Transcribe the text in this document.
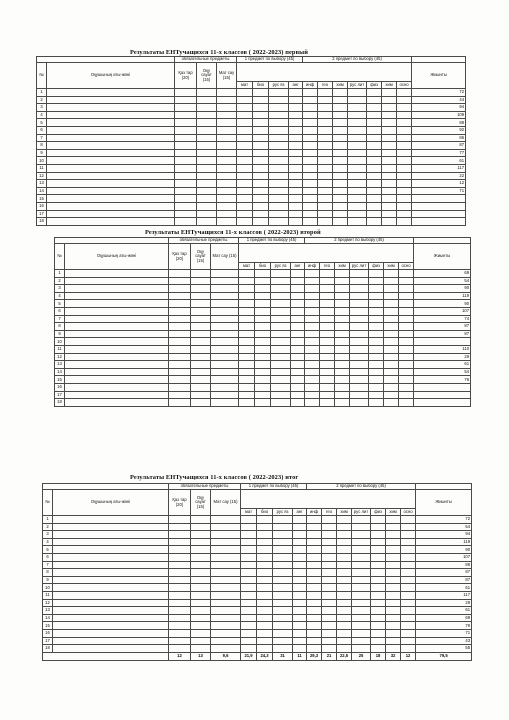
Результаты ЕНТучащихся 11-х классов ( 2022-2023) первый
		обязательные предметы			1 предмет по выбору (45)				2 предмет по выбору (45)							
№	Оқушының аты-жөні	Қаз тар (20)	Оқу сауат (15)	Мат сау (15)												Жиынты
					мат	био	рус яз	анг	инф	гео	хим	рус лит	физ	хим	осно	
1																72
2																44
3																94
4																109
5																88
6																92
7																86
8																87
9																77
10																61
11																117
12																22
13																12
14																71
15																
16																
17																
18																
Результаты ЕНТучащихся 11-х классов ( 2022-2023) второй
		обязательные предметы			1 предмет по выбору (45)				2 предмет по выбору (45)							
№	Оқушының аты-жөні	Қаз тар (20)	Оқу сауат (15)	Мат сау (15)												Жиынты
					мат	био	рус яз	анг	инф	гео	хим	рус лит	физ	хим	осно	
1																69
2																54
3																90
4																119
5																90
6																107
7																74
8																87
9																87
10																
11																110
12																29
13																61
14																54
15																76
16																
17																
18																
Результаты ЕНТучащихся 11-х классов ( 2022-2023) итог
		обязательные предметы			1 предмет по выбору (45)				2 предмет по выбору (45)							
№	Оқушының аты-жөні	Қаз тар (20)	Оқу сауат (15)	Мат сау (15)												Жиынты
					мат	био	рус яз	анг	инф	гео	хим	рус лит	физ	хим	осно	
1																72
2																54
3																94
4																119
5																90
6																107
7																86
8																87
9																87
10																61
11																117
12																29
13																61
14																69
15																79
16																71
17																43
18																55
		12	13	9,6	21,9	24,3	31	11	29,3	21	22,5	25	18	32	12	79,5
